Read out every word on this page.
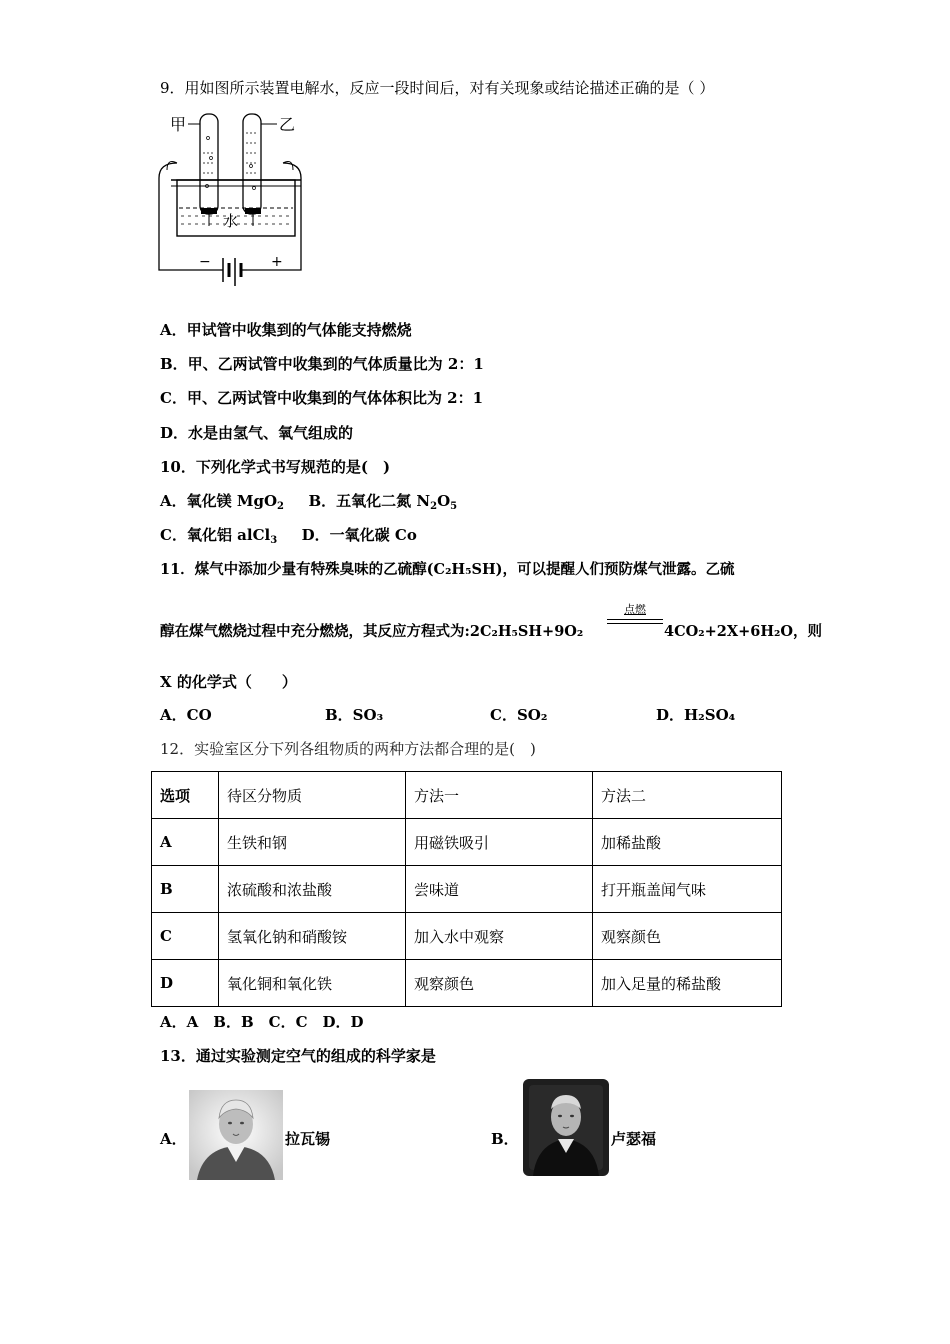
9．用如图所示装置电解水，反应一段时间后，对有关现象或结论描述正确的是（ ）
甲	乙
水
−	+
A．甲试管中收集到的气体能支持燃烧
B．甲、乙两试管中收集到的气体质量比为 2：1
C．甲、乙两试管中收集到的气体体积比为 2：1
D．水是由氢气、氧气组成的
10．下列化学式书写规范的是(　)
A．氧化镁 MgO$_2$ B．五氧化二氮 $N_2O_5$
C．氧化铝 alCl$_3$ D．一氧化碳 Co
11．煤气中添加少量有特殊臭味的乙硫醇(C₂H₅SH)，可以提醒人们预防煤气泄露。乙硫
醇在煤气燃烧过程中充分燃烧，其反应方程式为:2C₂H₅SH+9O₂
点燃
4CO₂+2X+6H₂O，则
X 的化学式（　　）
A．CO	B．SO₃	C．SO₂	D．H₂SO₄
12．实验室区分下列各组物质的两种方法都合理的是(　)
选项	待区分物质	方法一	方法二
A	生铁和钢	用磁铁吸引	加稀盐酸
B	浓硫酸和浓盐酸	尝味道	打开瓶盖闻气味
C	氢氧化钠和硝酸铵	加入水中观察	观察颜色
D	氧化铜和氧化铁	观察颜色	加入足量的稀盐酸
A．A　B．B　C．C　D．D
13．通过实验测定空气的组成的科学家是
A．	拉瓦锡	B．	卢瑟福
